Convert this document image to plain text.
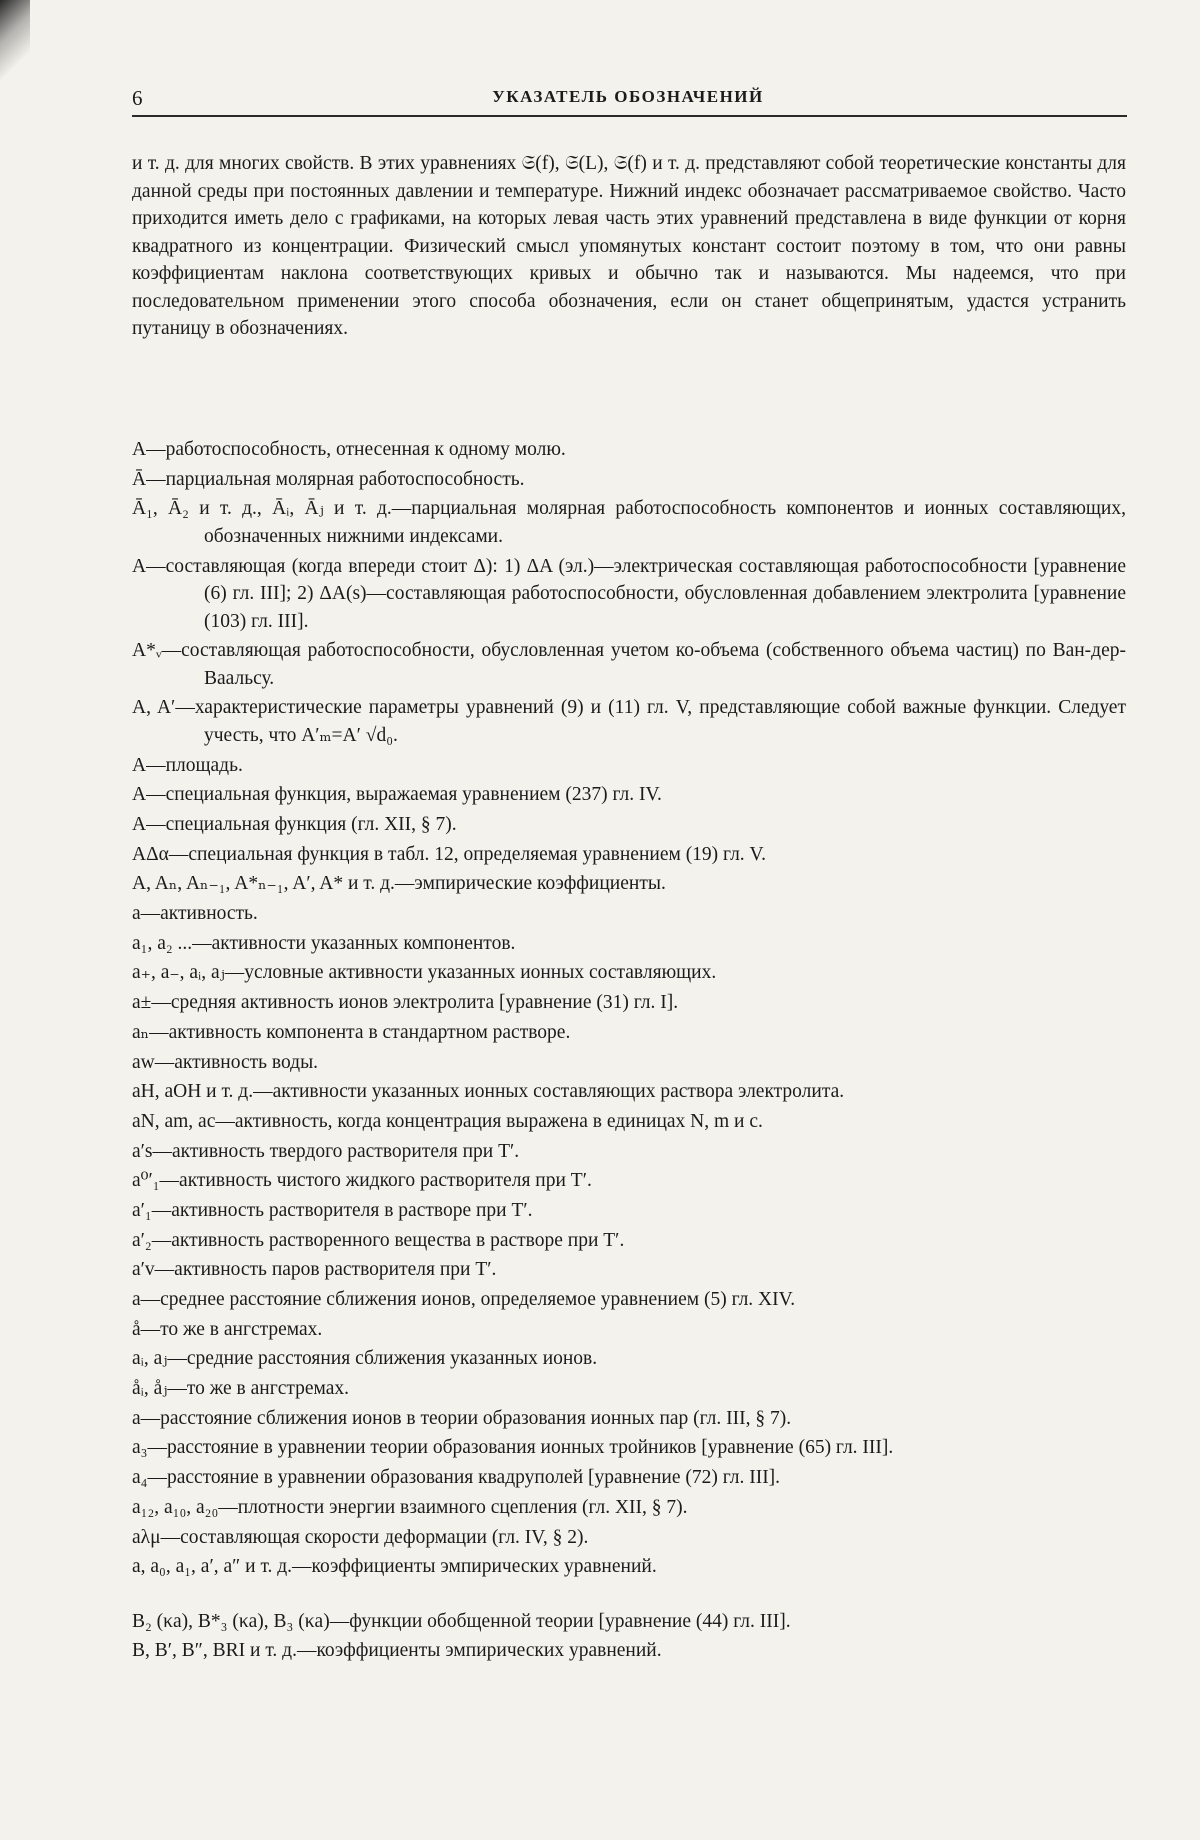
6	УКАЗАТЕЛЬ ОБОЗНАЧЕНИЙ

и т. д. для многих свойств. В этих уравнениях 𝔖(f), 𝔖(L), 𝔖(f) и т. д. представляют собой теоретические константы для данной среды при постоянных давлении и температуре. Нижний индекс обозначает рассматриваемое свойство. Часто приходится иметь дело с графиками, на которых левая часть этих уравнений представлена в виде функции от корня квадратного из концентрации. Физический смысл упомянутых констант состоит поэтому в том, что они равны коэффициентам наклона соответствующих кривых и обычно так и называются. Мы надеемся, что при последовательном применении этого способа обозначения, если он станет общепринятым, удастся устранить путаницу в обозначениях.

A—работоспособность, отнесенная к одному молю.

Ā—парциальная молярная работоспособность.

Ā₁, Ā₂ и т. д., Āᵢ, Āⱼ и т. д.—парциальная молярная работоспособность компонентов и ионных составляющих, обозначенных нижними индексами.

A—составляющая (когда впереди стоит Δ): 1) ΔA (эл.)—электрическая составляющая работоспособности [уравнение (6) гл. III]; 2) ΔA(s)—составляющая работоспособности, обусловленная добавлением электролита [уравнение (103) гл. III].

A*ᵥ—составляющая работоспособности, обусловленная учетом ко-объема (собственного объема частиц) по Ван-дер-Ваальсу.

A, A′—характеристические параметры уравнений (9) и (11) гл. V, представляющие собой важные функции. Следует учесть, что A′ₘ=A′ √d₀.

A—площадь.

A—специальная функция, выражаемая уравнением (237) гл. IV.

A—специальная функция (гл. XII, § 7).

AΔα—специальная функция в табл. 12, определяемая уравнением (19) гл. V.

A, Aₙ, Aₙ₋₁, A*ₙ₋₁, A′, A* и т. д.—эмпирические коэффициенты.

a—активность.

a₁, a₂ ...—активности указанных компонентов.

a₊, a₋, aᵢ, aⱼ—условные активности указанных ионных составляющих.

a±—средняя активность ионов электролита [уравнение (31) гл. I].

aₙ—активность компонента в стандартном растворе.

aw—активность воды.

aH, aOH и т. д.—активности указанных ионных составляющих раствора электролита.

aN, am, ac—активность, когда концентрация выражена в единицах N, m и c.

a′s—активность твердого растворителя при T′.

a⁰′₁—активность чистого жидкого растворителя при T′.

a′₁—активность растворителя в растворе при T′.

a′₂—активность растворенного вещества в растворе при T′.

a′v—активность паров растворителя при T′.

a—среднее расстояние сближения ионов, определяемое уравнением (5) гл. XIV.

å—то же в ангстремах.

aᵢ, aⱼ—средние расстояния сближения указанных ионов.

åᵢ, åⱼ—то же в ангстремах.

a—расстояние сближения ионов в теории образования ионных пар (гл. III, § 7).

a₃—расстояние в уравнении теории образования ионных тройников [уравнение (65) гл. III].

a₄—расстояние в уравнении образования квадруполей [уравнение (72) гл. III].

a₁₂, a₁₀, a₂₀—плотности энергии взаимного сцепления (гл. XII, § 7).

aλμ—составляющая скорости деформации (гл. IV, § 2).

a, a₀, a₁, a′, a″ и т. д.—коэффициенты эмпирических уравнений.

B₂ (κa), B*₃ (κa), B₃ (κa)—функции обобщенной теории [уравнение (44) гл. III].

B, B′, B″, BRI и т. д.—коэффициенты эмпирических уравнений.
